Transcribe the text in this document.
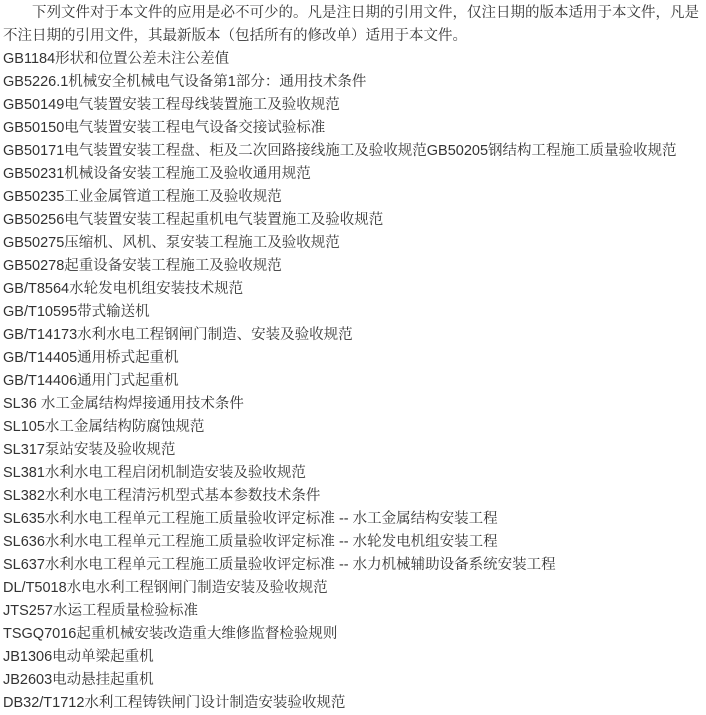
下列文件对于本文件的应用是必不可少的。凡是注日期的引用文件，仅注日期的版本适用于本文件，凡是不注日期的引用文件，其最新版本（包括所有的修改单）适用于本文件。

GB1184形状和位置公差未注公差值
GB5226.1机械安全机械电气设备第1部分：通用技术条件
GB50149电气装置安装工程母线装置施工及验收规范
GB50150电气装置安装工程电气设备交接试验标准
GB50171电气装置安装工程盘、柜及二次回路接线施工及验收规范GB50205钢结构工程施工质量验收规范
GB50231机械设备安装工程施工及验收通用规范
GB50235工业金属管道工程施工及验收规范
GB50256电气装置安装工程起重机电气装置施工及验收规范
GB50275压缩机、风机、泵安装工程施工及验收规范
GB50278起重设备安装工程施工及验收规范
GB/T8564水轮发电机组安装技术规范
GB/T10595带式输送机
GB/T14173水利水电工程钢闸门制造、安装及验收规范
GB/T14405通用桥式起重机
GB/T14406通用门式起重机
SL36 水工金属结构焊接通用技术条件
SL105水工金属结构防腐蚀规范
SL317泵站安装及验收规范
SL381水利水电工程启闭机制造安装及验收规范
SL382水利水电工程清污机型式基本参数技术条件
SL635水利水电工程单元工程施工质量验收评定标准 -- 水工金属结构安装工程
SL636水利水电工程单元工程施工质量验收评定标准 -- 水轮发电机组安装工程
SL637水利水电工程单元工程施工质量验收评定标准 -- 水力机械辅助设备系统安装工程
DL/T5018水电水利工程钢闸门制造安装及验收规范
JTS257水运工程质量检验标准
TSGQ7016起重机械安装改造重大维修监督检验规则
JB1306电动单梁起重机
JB2603电动悬挂起重机
DB32/T1712水利工程铸铁闸门设计制造安装验收规范
